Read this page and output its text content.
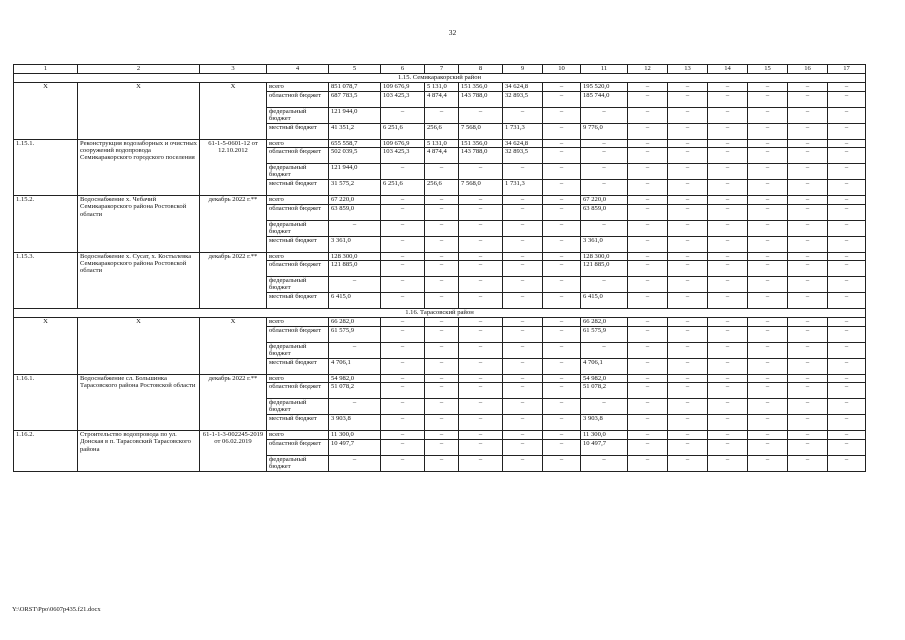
32
1	2	3	4	5	6	7	8	9	10	11	12	13	14	15	16	17
1.15. Семикаракорский район																
Х	Х	Х	всего	851 078,7	109 676,9	5 131,0	151 356,0	34 624,8	–	195 520,0	–	–	–	–	–	–
			областной бюджет	687 783,5	103 425,3	4 874,4	143 788,0	32 893,5	–	185 744,0	–	–	–	–	–	–
			федеральный бюджет	121 944,0	–	–	–	–	–	–	–	–	–	–	–	–
			местный бюджет	41 351,2	6 251,6	256,6	7 568,0	1 731,3	–	9 776,0	–	–	–	–	–	–
1.15.1.	Реконструкция водозаборных и очистных сооружений водопровода Семикаракорского городского поселения	61-1-5-0601-12 от 12.10.2012	всего	655 558,7	109 676,9	5 131,0	151 356,0	34 624,8	–	–	–	–	–	–	–	–
			областной бюджет	502 039,5	103 425,3	4 874,4	143 788,0	32 893,5	–	–	–	–	–	–	–	–
			федеральный бюджет	121 944,0	–	–	–	–	–	–	–	–	–	–	–	–
			местный бюджет	31 575,2	6 251,6	256,6	7 568,0	1 731,3	–	–	–	–	–	–	–	–
1.15.2.	Водоснабжение х. Чебачий Семикаракорского района Ростовской области	декабрь 2022 г.**	всего	67 220,0	–	–	–	–	–	67 220,0	–	–	–	–	–	–
			областной бюджет	63 859,0	–	–	–	–	–	63 859,0	–	–	–	–	–	–
			федеральный бюджет	–	–	–	–	–	–	–	–	–	–	–	–	–
			местный бюджет	3 361,0	–	–	–	–	–	3 361,0	–	–	–	–	–	–
1.15.3.	Водоснабжение х. Сусат, х. Костылевка Семикаракорского района Ростовской области	декабрь 2022 г.**	всего	128 300,0	–	–	–	–	–	128 300,0	–	–	–	–	–	–
			областной бюджет	121 885,0	–	–	–	–	–	121 885,0	–	–	–	–	–	–
			федеральный бюджет	–	–	–	–	–	–	–	–	–	–	–	–	–
			местный бюджет	6 415,0	–	–	–	–	–	6 415,0	–	–	–	–	–	–
1.16. Тарасовский район																
Х	Х	Х	всего	66 282,0	–	–	–	–	–	66 282,0	–	–	–	–	–	–
			областной бюджет	61 575,9	–	–	–	–	–	61 575,9	–	–	–	–	–	–
			федеральный бюджет	–	–	–	–	–	–	–	–	–	–	–	–	–
			местный бюджет	4 706,1	–	–	–	–	–	4 706,1	–	–	–	–	–	–
1.16.1.	Водоснабжение сл. Большинка Тарасовского района Ростовской области	декабрь 2022 г.**	всего	54 982,0	–	–	–	–	–	54 982,0	–	–	–	–	–	–
			областной бюджет	51 078,2	–	–	–	–	–	51 078,2	–	–	–	–	–	–
			федеральный бюджет	–	–	–	–	–	–	–	–	–	–	–	–	–
			местный бюджет	3 903,8	–	–	–	–	–	3 903,8	–	–	–	–	–	–
1.16.2.	Строительство водопровода по ул. Донская в п. Тарасовский Тарасовского района	61-1-1-3-002245-2019 от 06.02.2019	всего	11 300,0	–	–	–	–	–	11 300,0	–	–	–	–	–	–
			областной бюджет	10 497,7	–	–	–	–	–	10 497,7	–	–	–	–	–	–
			федеральный бюджет	–	–	–	–	–	–	–	–	–	–	–	–	–
Y:\ORST\Ppo\0607p435.f21.docx
